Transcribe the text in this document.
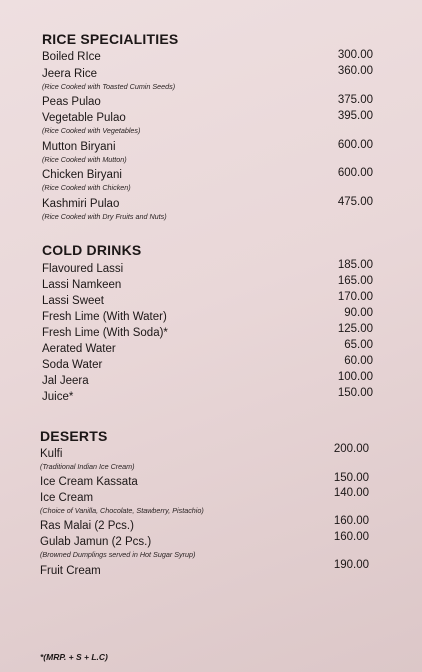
RICE SPECIALITIES
Boiled RIce	300.00
Jeera Rice	360.00
(Rice Cooked with Toasted Cumin Seeds)
Peas Pulao	375.00
Vegetable Pulao	395.00
(Rice Cooked with Vegetables)
Mutton Biryani	600.00
(Rice Cooked with Mutton)
Chicken Biryani	600.00
(Rice Cooked with Chicken)
Kashmiri Pulao	475.00
(Rice Cooked with Dry Fruits and Nuts)
COLD DRINKS
Flavoured Lassi	185.00
Lassi Namkeen	165.00
Lassi Sweet	170.00
Fresh Lime (With Water)	90.00
Fresh Lime (With Soda)*	125.00
Aerated Water	65.00
Soda Water	60.00
Jal Jeera	100.00
Juice*	150.00
DESERTS
Kulfi	200.00
(Traditional Indian Ice Cream)
Ice Cream Kassata	150.00
Ice Cream	140.00
(Choice of Vanilla, Chocolate, Stawberry, Pistachio)
Ras Malai (2 Pcs.)	160.00
Gulab Jamun (2 Pcs.)	160.00
(Browned Dumplings served in Hot Sugar Syrup)
Fruit Cream	190.00
*(MRP. + S + L.C)
